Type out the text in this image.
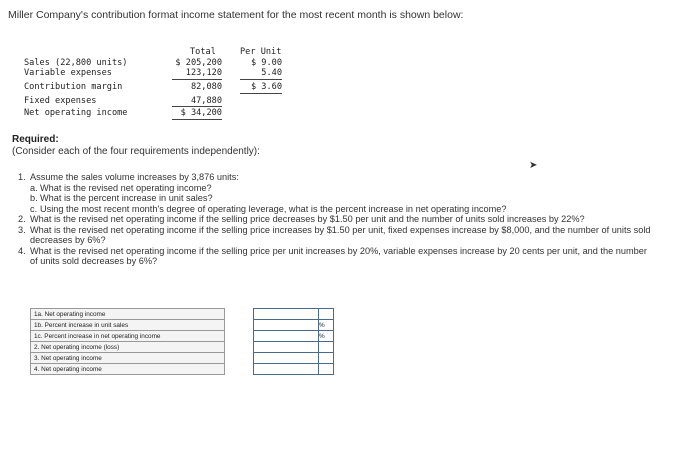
Miller Company's contribution format income statement for the most recent month is shown below:
Total	Per Unit
Sales (22,800 units)	$ 205,200	$ 9.00
Variable expenses	123,120	5.40
Contribution margin	82,080	$ 3.60
Fixed expenses	47,880
Net operating income	$ 34,200
Required:
(Consider each of the four requirements independently):
➤
1. Assume the sales volume increases by 3,876 units:
a. What is the revised net operating income?
b. What is the percent increase in unit sales?
c. Using the most recent month's degree of operating leverage, what is the percent increase in net operating income?
2. What is the revised net operating income if the selling price decreases by $1.50 per unit and the number of units sold increases by 22%?
3. What is the revised net operating income if the selling price increases by $1.50 per unit, fixed expenses increase by $8,000, and the number of units sold decreases by 6%?
4. What is the revised net operating income if the selling price per unit increases by 20%, variable expenses increase by 20 cents per unit, and the number of units sold decreases by 6%?
1a. Net operating income			
1b. Percent increase in unit sales			%
1c. Percent increase in net operating income			%
2. Net operating income (loss)			
3. Net operating income			
4. Net operating income			
